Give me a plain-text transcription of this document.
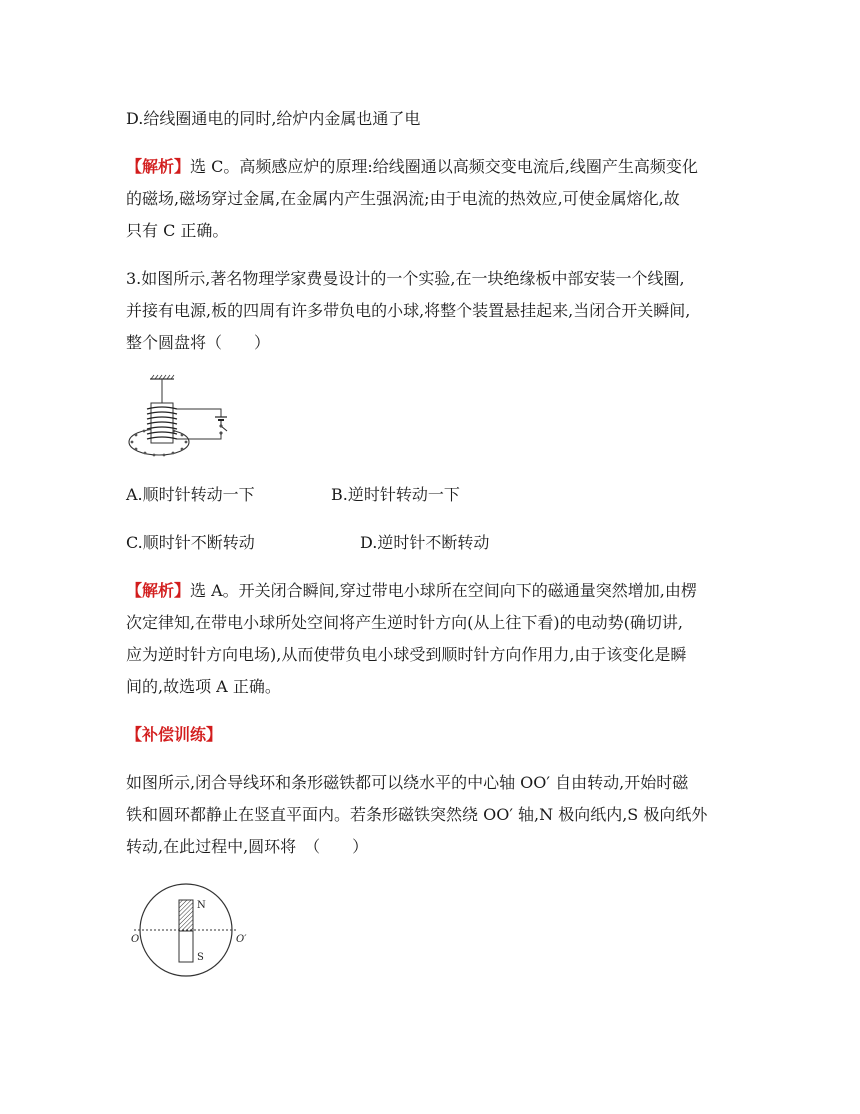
D.给线圈通电的同时,给炉内金属也通了电
【解析】选 C。高频感应炉的原理:给线圈通以高频交变电流后,线圈产生高频变化
的磁场,磁场穿过金属,在金属内产生强涡流;由于电流的热效应,可使金属熔化,故
只有 C 正确。
3.如图所示,著名物理学家费曼设计的一个实验,在一块绝缘板中部安装一个线圈,
并接有电源,板的四周有许多带负电的小球,将整个装置悬挂起来,当闭合开关瞬间,
整个圆盘将（　　）
A.顺时针转动一下	B.逆时针转动一下
C.顺时针不断转动	D.逆时针不断转动
【解析】选 A。开关闭合瞬间,穿过带电小球所在空间向下的磁通量突然增加,由楞
次定律知,在带电小球所处空间将产生逆时针方向(从上往下看)的电动势(确切讲,
应为逆时针方向电场),从而使带负电小球受到顺时针方向作用力,由于该变化是瞬
间的,故选项 A 正确。
【补偿训练】
如图所示,闭合导线环和条形磁铁都可以绕水平的中心轴 OO′ 自由转动,开始时磁
铁和圆环都静止在竖直平面内。若条形磁铁突然绕 OO′ 轴,N 极向纸内,S 极向纸外
转动,在此过程中,圆环将　（　　）
N
S
O	O′
